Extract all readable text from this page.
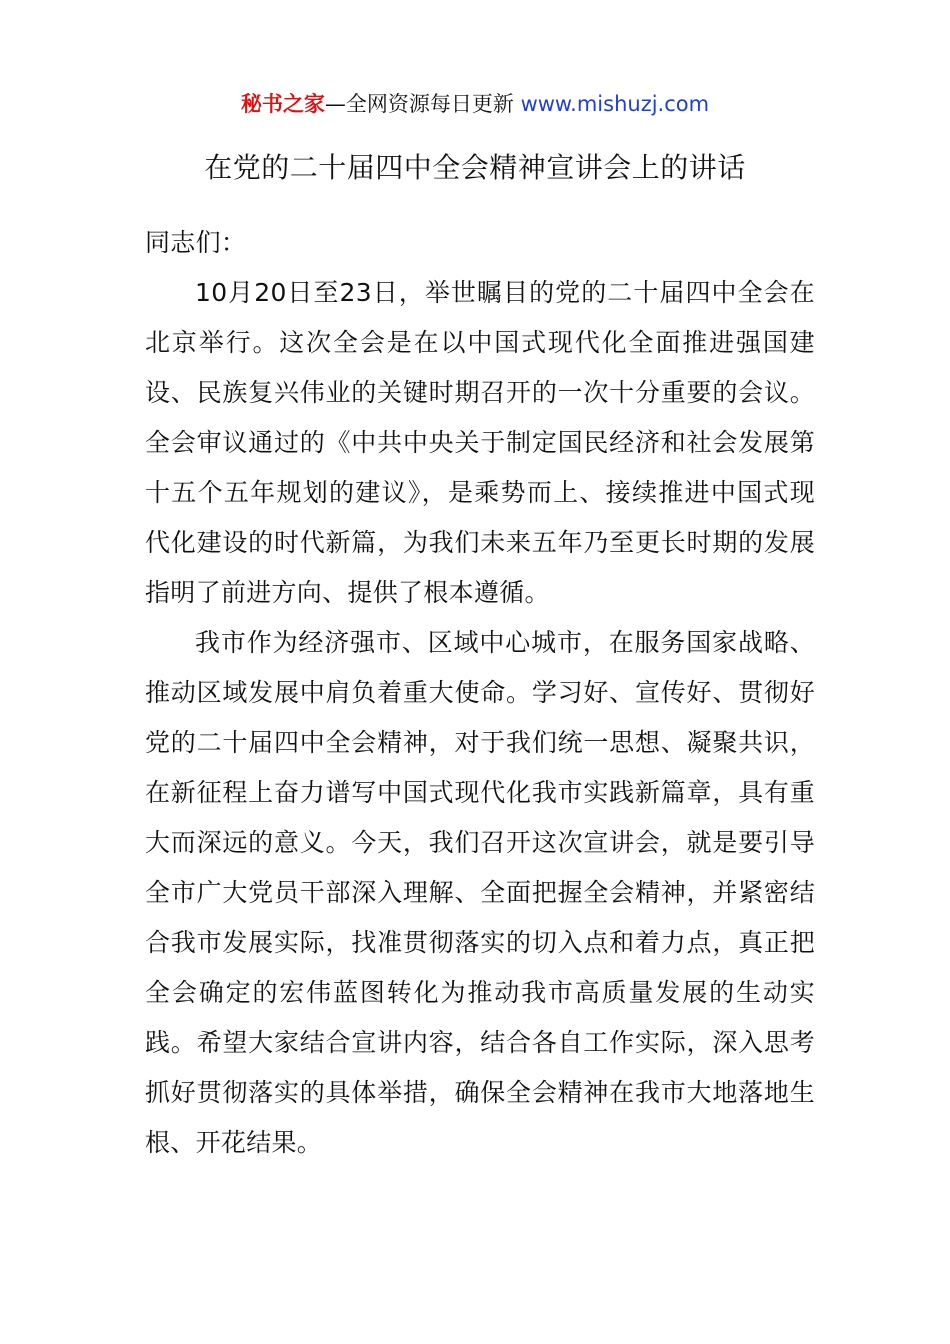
秘书之家—全网资源每日更新 www.mishuzj.com
在党的二十届四中全会精神宣讲会上的讲话

同志们：

10月20日至23日，举世瞩目的党的二十届四中全会在北京举行。这次全会是在以中国式现代化全面推进强国建设、民族复兴伟业的关键时期召开的一次十分重要的会议。全会审议通过的《中共中央关于制定国民经济和社会发展第十五个五年规划的建议》，是乘势而上、接续推进中国式现代化建设的时代新篇，为我们未来五年乃至更长时期的发展指明了前进方向、提供了根本遵循。

我市作为经济强市、区域中心城市，在服务国家战略、推动区域发展中肩负着重大使命。学习好、宣传好、贯彻好党的二十届四中全会精神，对于我们统一思想、凝聚共识，在新征程上奋力谱写中国式现代化我市实践新篇章，具有重大而深远的意义。今天，我们召开这次宣讲会，就是要引导全市广大党员干部深入理解、全面把握全会精神，并紧密结合我市发展实际，找准贯彻落实的切入点和着力点，真正把全会确定的宏伟蓝图转化为推动我市高质量发展的生动实践。希望大家结合宣讲内容，结合各自工作实际，深入思考抓好贯彻落实的具体举措，确保全会精神在我市大地落地生根、开花结果。
